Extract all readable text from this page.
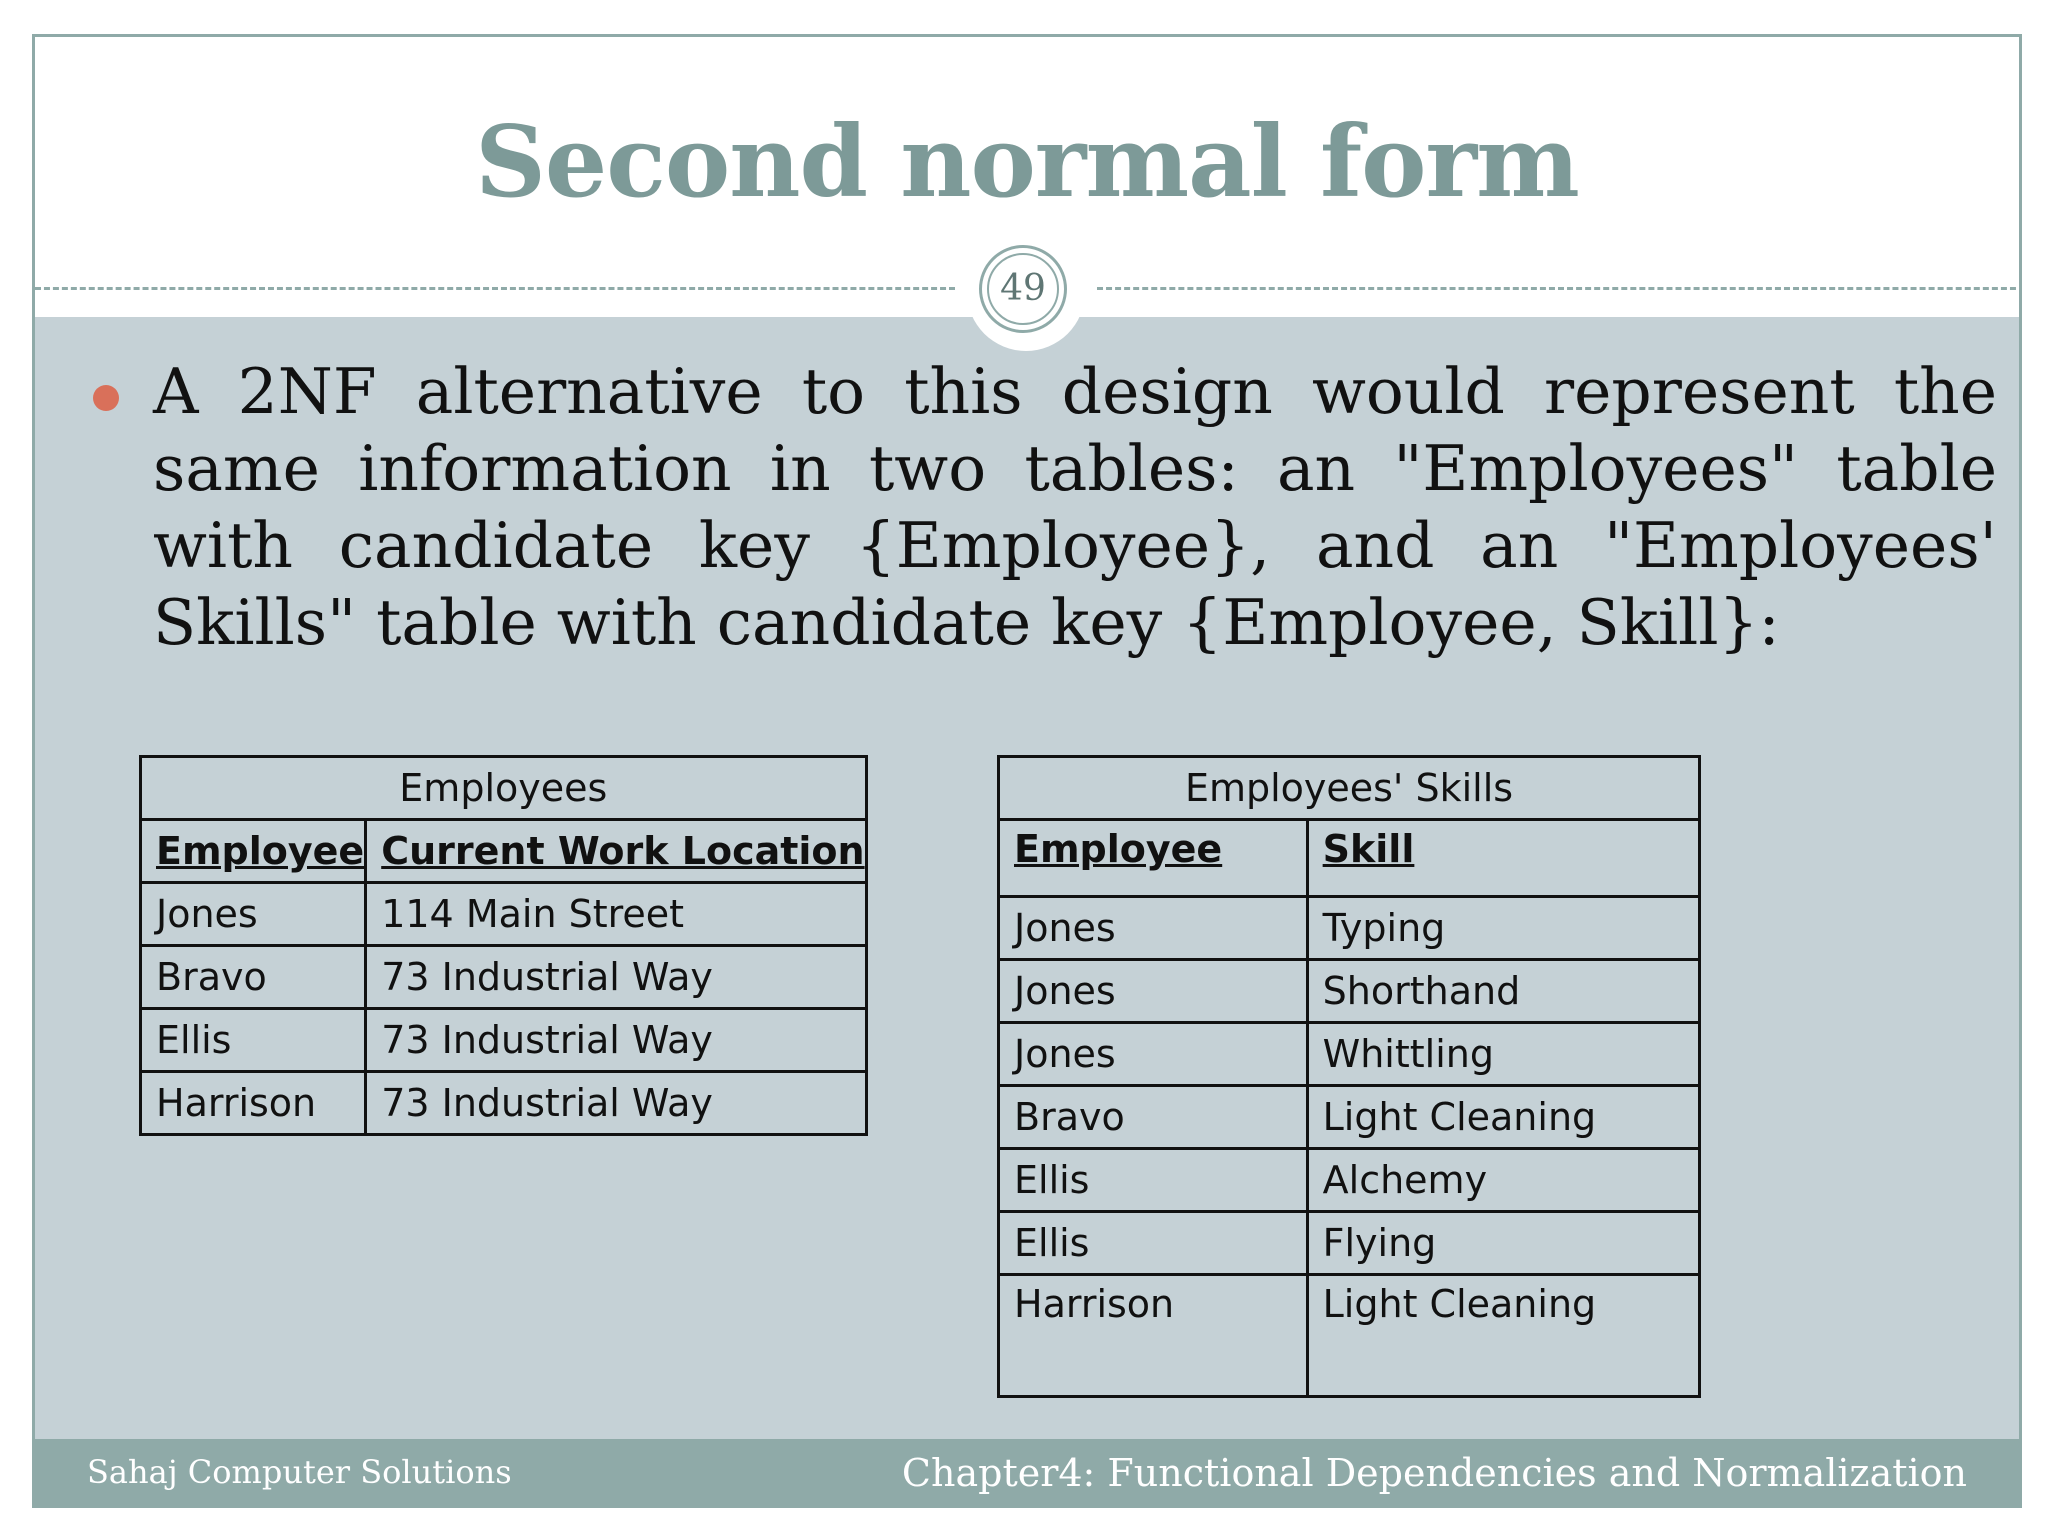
Second normal form
49
A 2NF alternative to this design would represent the same information in two tables: an "Employees" table with candidate key {Employee}, and an "Employees' Skills" table with candidate key {Employee, Skill}:
Employees	
Employee	Current Work Location
Jones	114 Main Street
Bravo	73 Industrial Way
Ellis	73 Industrial Way
Harrison	73 Industrial Way
Employees' Skills	
Employee	Skill
Jones	Typing
Jones	Shorthand
Jones	Whittling
Bravo	Light Cleaning
Ellis	Alchemy
Ellis	Flying
Harrison	Light Cleaning
Sahaj Computer Solutions	Chapter4: Functional Dependencies and Normalization
